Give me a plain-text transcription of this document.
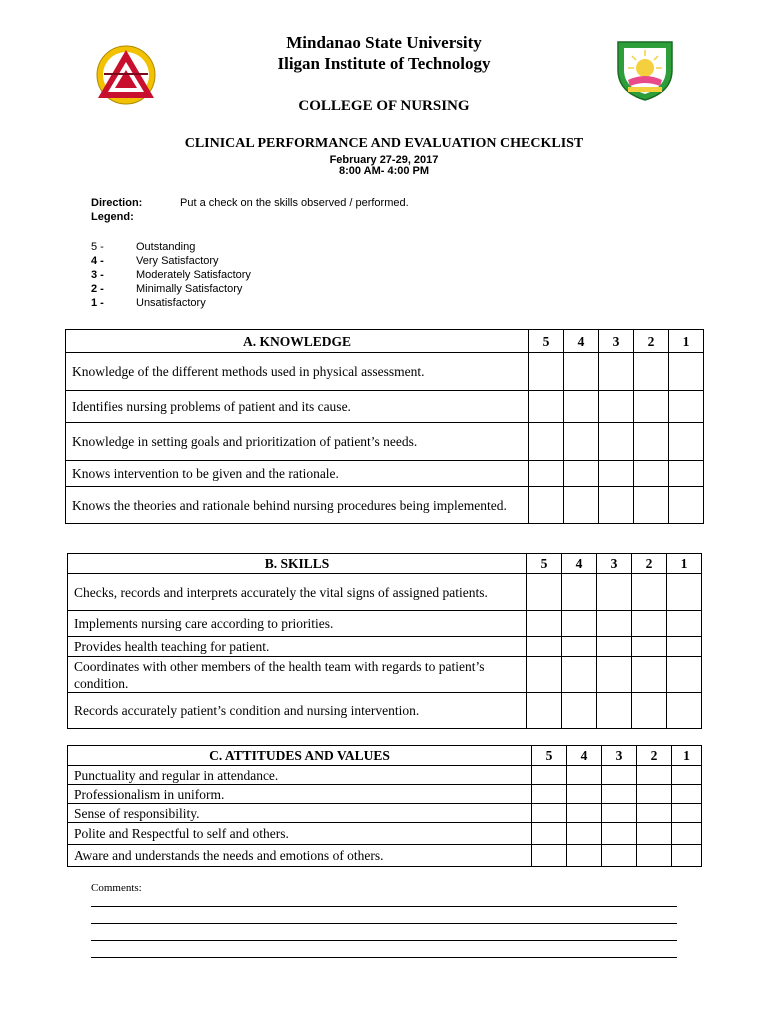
Mindanao State University
Iligan Institute of Technology
COLLEGE OF NURSING
CLINICAL PERFORMANCE AND EVALUATION CHECKLIST
February 27-29, 2017
8:00 AM- 4:00 PM
Direction:	Put a check on the skills observed / performed.
Legend:
5 -	Outstanding
4 -	Very Satisfactory
3 -	Moderately Satisfactory
2 -	Minimally Satisfactory
1 -	Unsatisfactory
A. KNOWLEDGE	5	4	3	2	1
Knowledge of the different methods used in physical assessment.					
Identifies nursing problems of patient and its cause.					
Knowledge in setting goals and prioritization of patient’s needs.					
Knows intervention to be given and the rationale.					
Knows the theories and rationale behind nursing procedures being implemented.					
B. SKILLS	5	4	3	2	1
Checks, records and interprets accurately the vital signs of assigned patients.					
Implements nursing care according to priorities.					
Provides health teaching for patient.					
Coordinates with other members of the health team with regards to patient’s condition.					
Records accurately patient’s condition and nursing intervention.					
C. ATTITUDES AND VALUES	5	4	3	2	1
Punctuality and regular in attendance.					
Professionalism in uniform.					
Sense of responsibility.					
Polite and Respectful to self and others.					
Aware and understands the needs and emotions of others.					
Comments:
